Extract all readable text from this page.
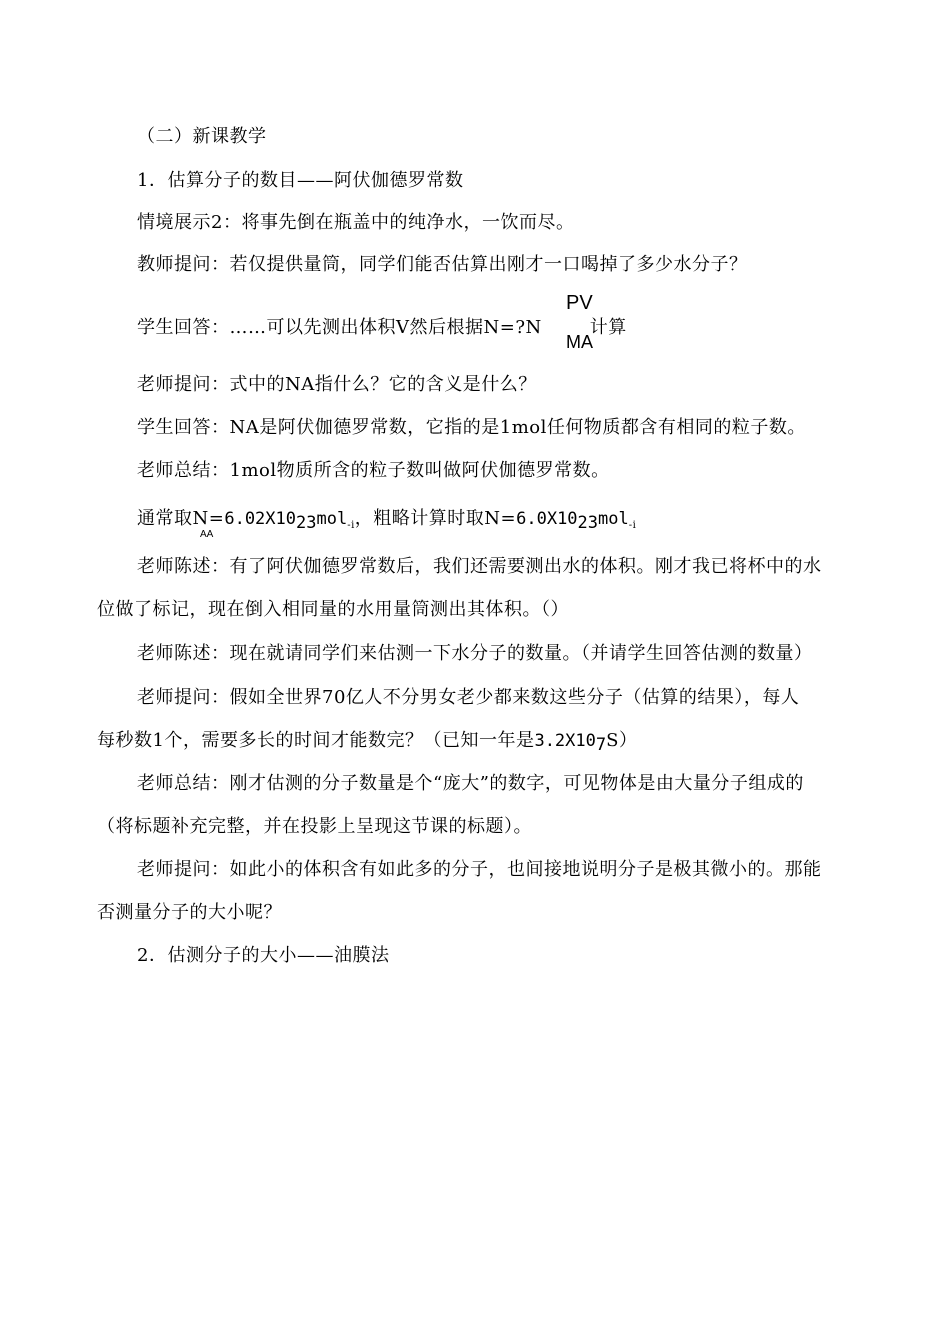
（二）新课教学
1．估算分子的数目——阿伏伽德罗常数
情境展示2：将事先倒在瓶盖中的纯净水，一饮而尽。
教师提问：若仅提供量筒，同学们能否估算出刚才一口喝掉了多少水分子？
学生回答：……可以先测出体积V然后根据N=?N	计算
PV
MA
老师提问：式中的NA指什么？它的含义是什么？
学生回答：NA是阿伏伽德罗常数，它指的是1mol任何物质都含有相同的粒子数。
老师总结：1mol物质所含的粒子数叫做阿伏伽德罗常数。
通常取N=6.02X1023mol$_{-i}$，粗略计算时取N=6.0X1023mol$_{-i}$
AA
老师陈述：有了阿伏伽德罗常数后，我们还需要测出水的体积。刚才我已将杯中的水
位做了标记，现在倒入相同量的水用量筒测出其体积。（）
老师陈述：现在就请同学们来估测一下水分子的数量。（并请学生回答估测的数量）
老师提问：假如全世界70亿人不分男女老少都来数这些分子（估算的结果），每人
每秒数1个，需要多长的时间才能数完？（已知一年是3.2X107S）
老师总结：刚才估测的分子数量是个“庞大”的数字，可见物体是由大量分子组成的
（将标题补充完整，并在投影上呈现这节课的标题）。
老师提问：如此小的体积含有如此多的分子，也间接地说明分子是极其微小的。那能
否测量分子的大小呢？
2．估测分子的大小——油膜法
